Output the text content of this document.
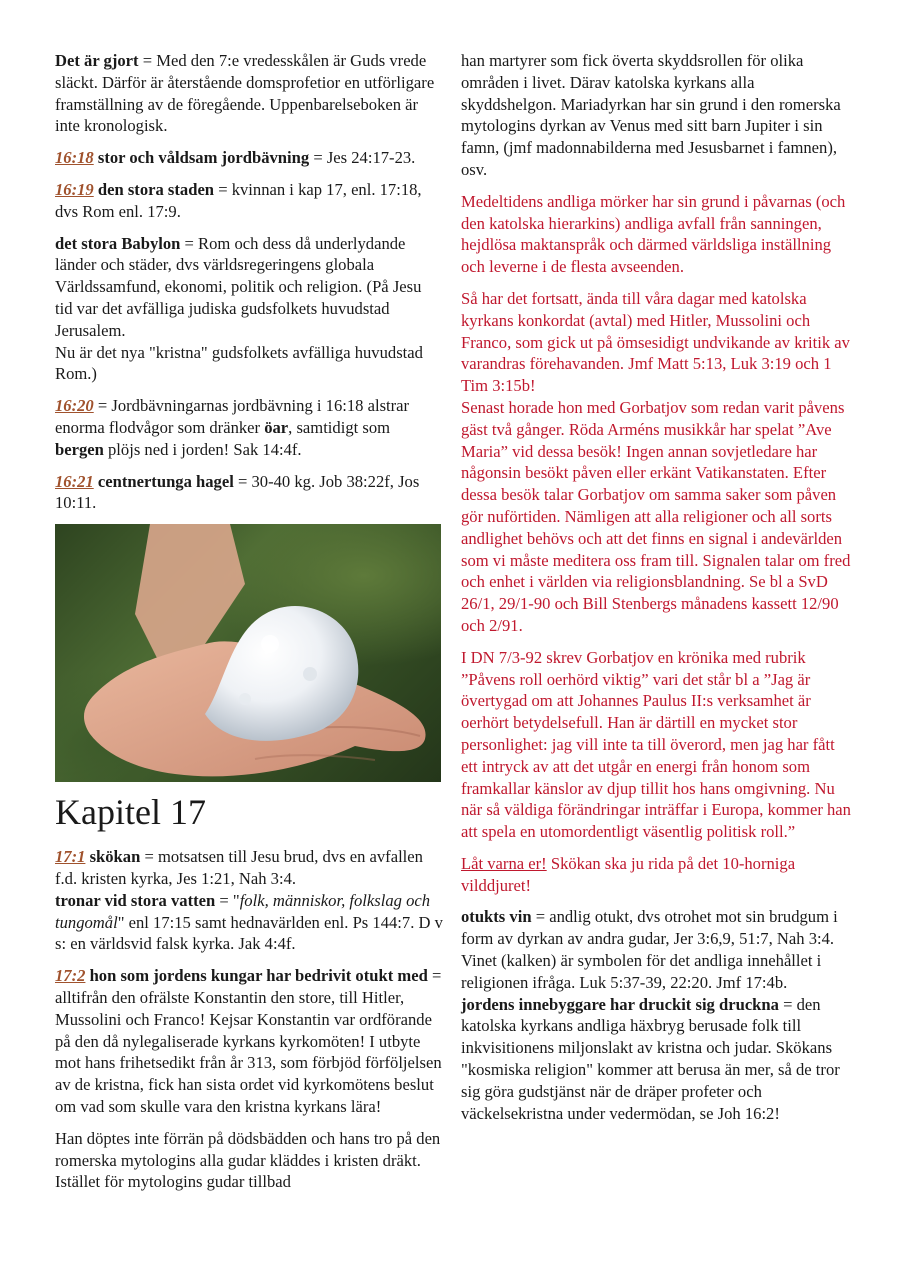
Det är gjort = Med den 7:e vredesskålen är Guds vrede släckt. Därför är återstående domsprofetior en utförligare framställning av de föregående. Uppenbarelseboken är inte kronologisk.

16:18 stor och våldsam jordbävning = Jes 24:17-23.

16:19 den stora staden = kvinnan i kap 17, enl. 17:18, dvs Rom enl. 17:9.

det stora Babylon = Rom och dess då underlydande länder och städer, dvs världsregeringens globala Världssamfund, ekonomi, politik och religion. (På Jesu tid var det avfälliga judiska gudsfolkets huvudstad Jerusalem.
Nu är det nya "kristna" gudsfolkets avfälliga huvudstad Rom.)

16:20 = Jordbävningarnas jordbävning i 16:18 alstrar enorma flodvågor som dränker öar, samtidigt som bergen plöjs ned i jorden! Sak 14:4f.

16:21 centnertunga hagel = 30-40 kg. Job 38:22f, Jos 10:11.

Kapitel 17

17:1 skökan = motsatsen till Jesu brud, dvs en avfallen f.d. kristen kyrka, Jes 1:21, Nah 3:4.
tronar vid stora vatten = "folk, människor, folkslag och tungomål" enl 17:15 samt hednavärlden enl. Ps 144:7. D v s: en världsvid falsk kyrka. Jak 4:4f.

17:2 hon som jordens kungar har bedrivit otukt med = alltifrån den ofrälste Konstantin den store, till Hitler, Mussolini och Franco! Kejsar Konstantin var ordförande på den då nylegaliserade kyrkans kyrkomöten! I utbyte mot hans frihetsedikt från år 313, som förbjöd förföljelsen av de kristna, fick han sista ordet vid kyrkomötens beslut om vad som skulle vara den kristna kyrkans lära!

Han döptes inte förrän på dödsbädden och hans tro på den romerska mytologins alla gudar kläddes i kristen dräkt. Istället för mytologins gudar tillbad

han martyrer som fick överta skyddsrollen för olika områden i livet. Därav katolska kyrkans alla skyddshelgon. Mariadyrkan har sin grund i den romerska mytologins dyrkan av Venus med sitt barn Jupiter i sin famn, (jmf madonnabilderna med Jesusbarnet i famnen), osv.

Medeltidens andliga mörker har sin grund i påvarnas (och den katolska hierarkins) andliga avfall från sanningen, hejdlösa maktanspråk och därmed världsliga inställning och leverne i de flesta avseenden.

Så har det fortsatt, ända till våra dagar med katolska kyrkans konkordat (avtal) med Hitler, Mussolini och Franco, som gick ut på ömsesidigt undvikande av kritik av varandras förehavanden. Jmf Matt 5:13, Luk 3:19 och 1 Tim 3:15b!
Senast horade hon med Gorbatjov som redan varit påvens gäst två gånger. Röda Arméns musikkår har spelat ”Ave Maria” vid dessa besök! Ingen annan sovjetledare har någonsin besökt påven eller erkänt Vatikanstaten. Efter dessa besök talar Gorbatjov om samma saker som påven gör nuförtiden. Nämligen att alla religioner och all sorts andlighet behövs och att det finns en signal i andevärlden som vi måste meditera oss fram till. Signalen talar om fred och enhet i världen via religionsblandning. Se bl a SvD 26/1, 29/1-90 och Bill Stenbergs månadens kassett 12/90 och 2/91.

I DN 7/3-92 skrev Gorbatjov en krönika med rubrik ”Påvens roll oerhörd viktig” vari det står bl a ”Jag är övertygad om att Johannes Paulus II:s verksamhet är oerhört betydelsefull. Han är därtill en mycket stor personlighet: jag vill inte ta till överord, men jag har fått ett intryck av att det utgår en energi från honom som framkallar känslor av djup tillit hos hans omgivning. Nu när så väldiga förändringar inträffar i Europa, kommer han att spela en utomordentligt väsentlig politisk roll.”

Låt varna er! Skökan ska ju rida på det 10-horniga vilddjuret!

otukts vin = andlig otukt, dvs otrohet mot sin brudgum i form av dyrkan av andra gudar, Jer 3:6,9, 51:7, Nah 3:4. Vinet (kalken) är symbolen för det andliga innehållet i religionen ifråga. Luk 5:37-39, 22:20. Jmf 17:4b.
jordens innebyggare har druckit sig druckna = den katolska kyrkans andliga häxbryg berusade folk till inkvisitionens miljonslakt av kristna och judar. Skökans "kosmiska religion" kommer att berusa än mer, så de tror sig göra gudstjänst när de dräper profeter och väckelsekristna under vedermödan, se Joh 16:2!
